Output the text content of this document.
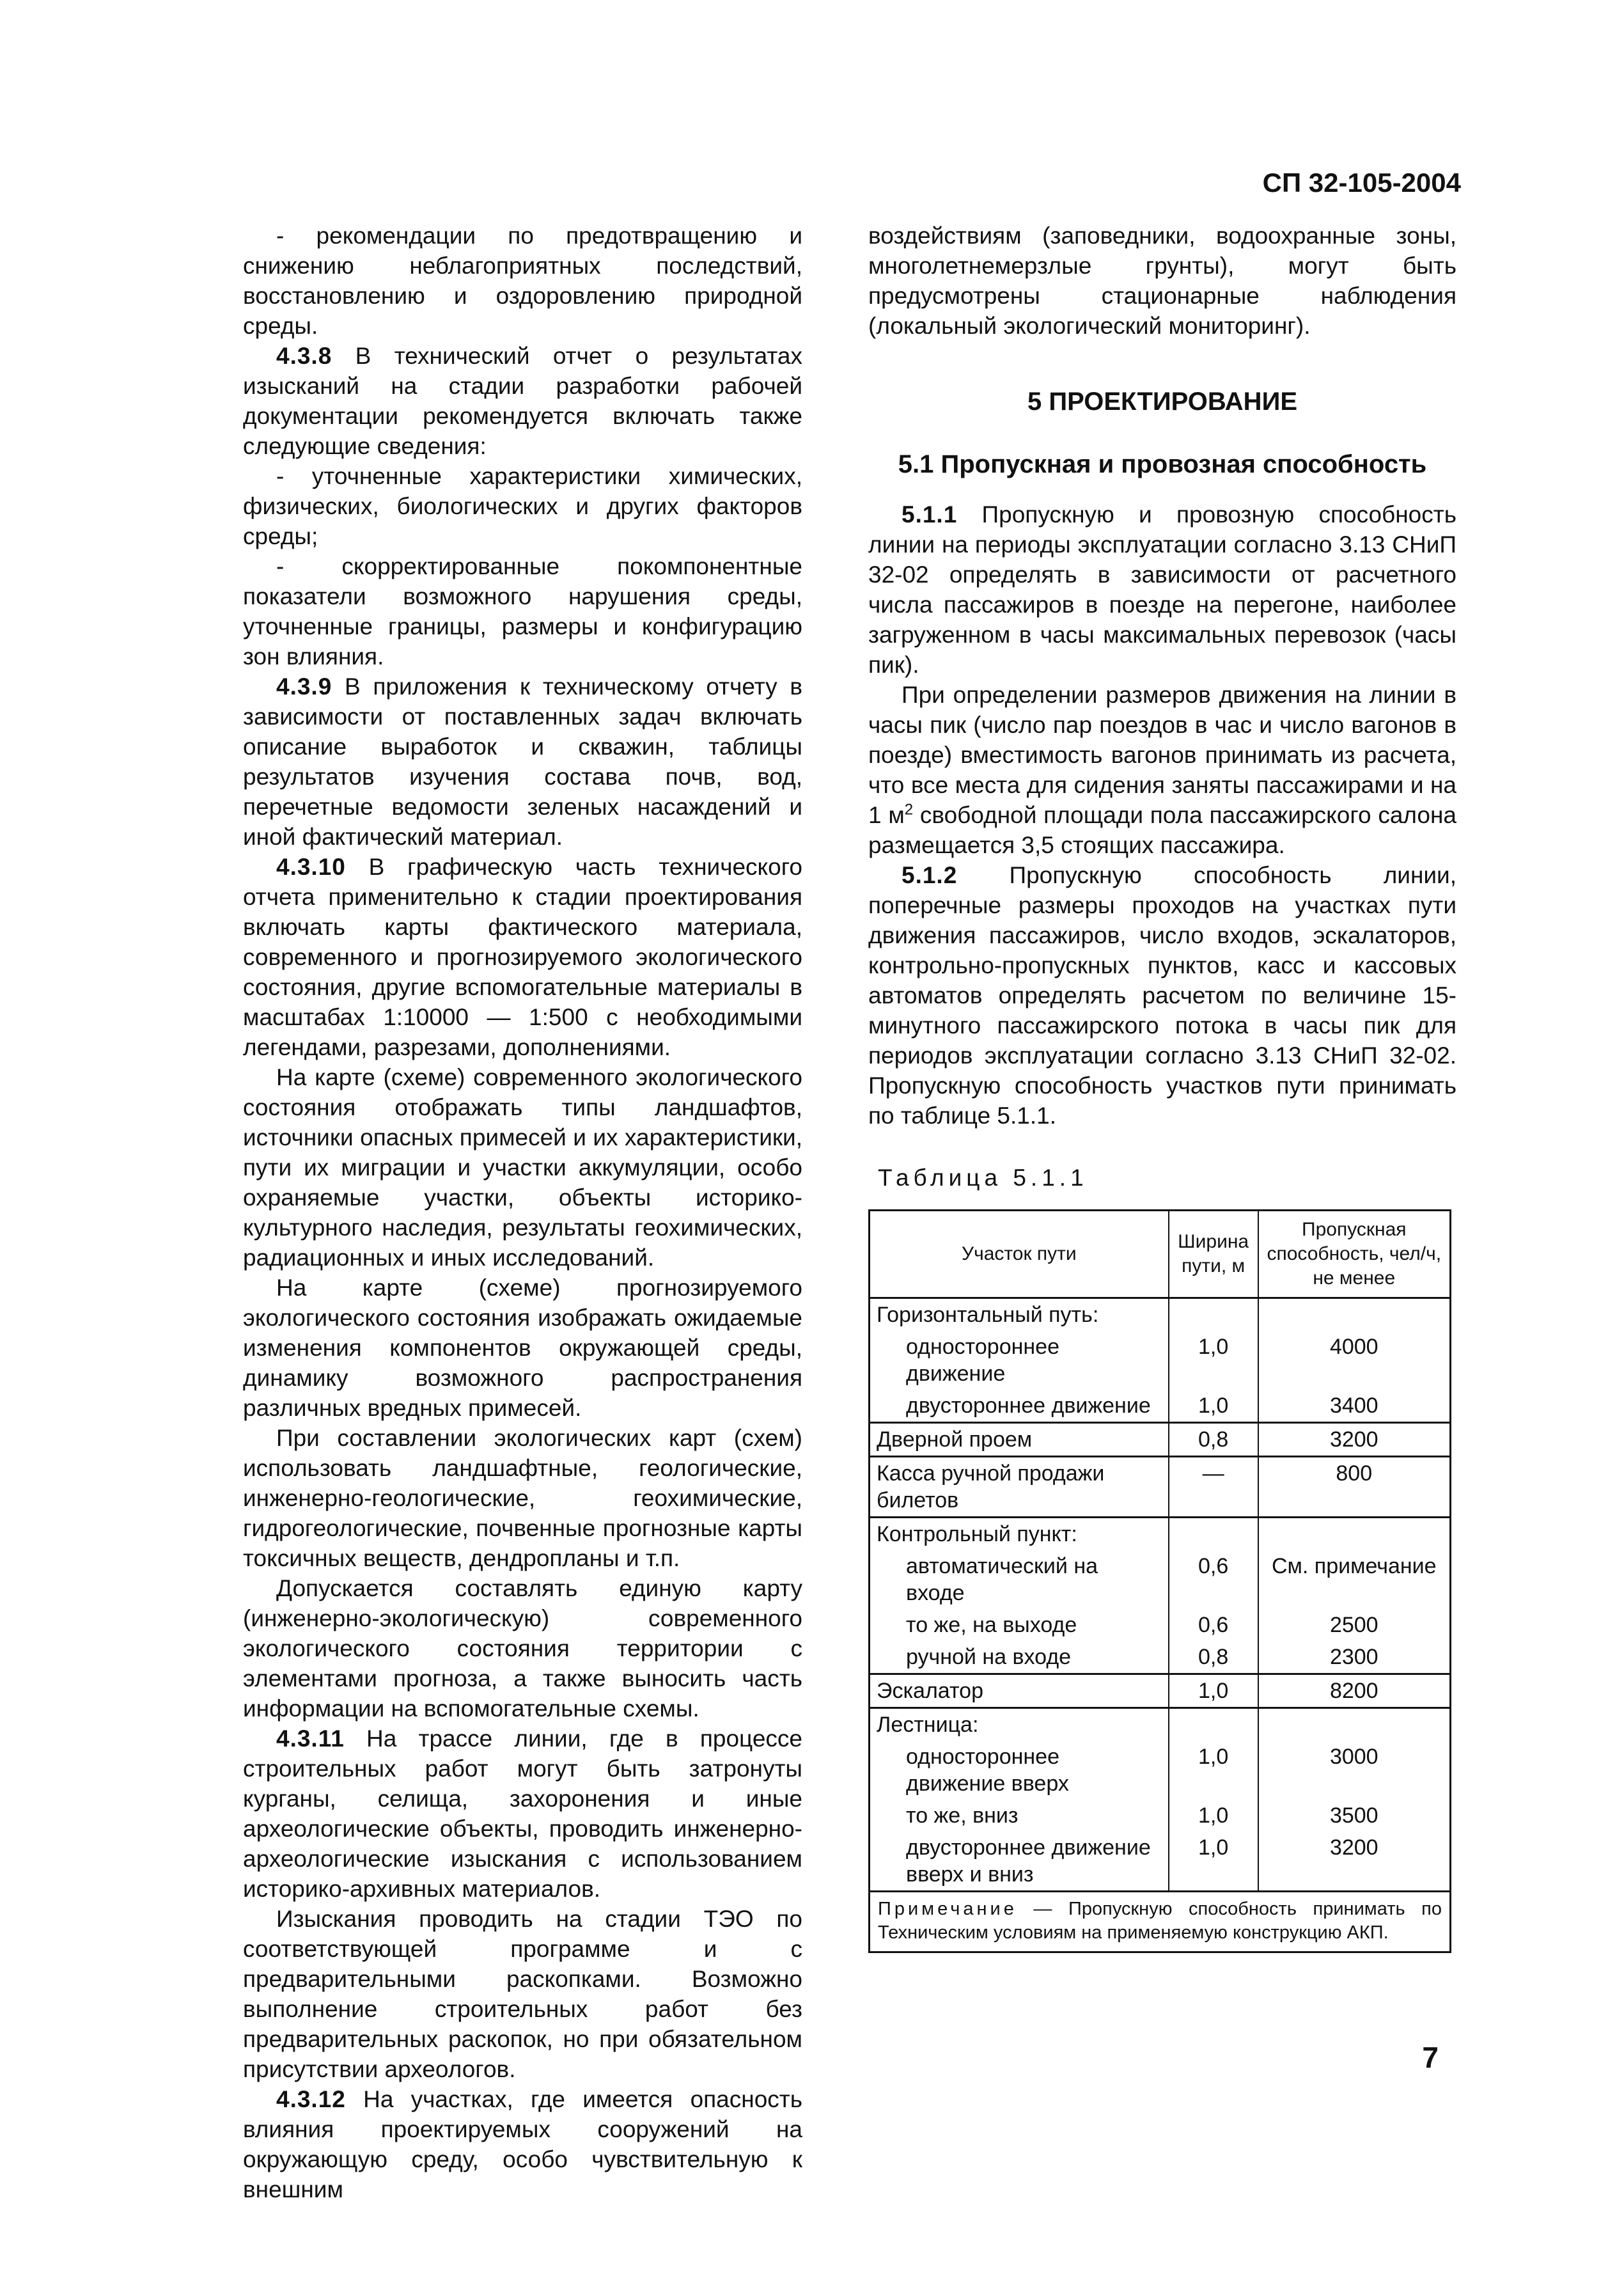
СП 32-105-2004

- рекомендации по предотвращению и снижению неблагоприятных последствий, восстановлению и оздоровлению природной среды.

4.3.8 В технический отчет о результатах изысканий на стадии разработки рабочей документации рекомендуется включать также следующие сведения:

- уточненные характеристики химических, физических, биологических и других факторов среды;

- скорректированные покомпонентные показатели возможного нарушения среды, уточненные границы, размеры и конфигурацию зон влияния.

4.3.9 В приложения к техническому отчету в зависимости от поставленных задач включать описание выработок и скважин, таблицы результатов изучения состава почв, вод, перечетные ведомости зеленых насаждений и иной фактический материал.

4.3.10 В графическую часть технического отчета применительно к стадии проектирования включать карты фактического материала, современного и прогнозируемого экологического состояния, другие вспомогательные материалы в масштабах 1:10000 — 1:500 с необходимыми легендами, разрезами, дополнениями.

На карте (схеме) современного экологического состояния отображать типы ландшафтов, источники опасных примесей и их характеристики, пути их миграции и участки аккумуляции, особо охраняемые участки, объекты историко-культурного наследия, результаты геохимических, радиационных и иных исследований.

На карте (схеме) прогнозируемого экологического состояния изображать ожидаемые изменения компонентов окружающей среды, динамику возможного распространения различных вредных примесей.

При составлении экологических карт (схем) использовать ландшафтные, геологические, инженерно-геологические, геохимические, гидрогеологические, почвенные прогнозные карты токсичных веществ, дендропланы и т.п.

Допускается составлять единую карту (инженерно-экологическую) современного экологического состояния территории с элементами прогноза, а также выносить часть информации на вспомогательные схемы.

4.3.11 На трассе линии, где в процессе строительных работ могут быть затронуты курганы, селища, захоронения и иные археологические объекты, проводить инженерно-археологические изыскания с использованием историко-архивных материалов.

Изыскания проводить на стадии ТЭО по соответствующей программе и с предварительными раскопками. Возможно выполнение строительных работ без предварительных раскопок, но при обязательном присутствии археологов.

4.3.12 На участках, где имеется опасность влияния проектируемых сооружений на окружающую среду, особо чувствительную к внешним

воздействиям (заповедники, водоохранные зоны, многолетнемерзлые грунты), могут быть предусмотрены стационарные наблюдения (локальный экологический мониторинг).

5 ПРОЕКТИРОВАНИЕ
5.1 Пропускная и провозная способность

5.1.1 Пропускную и провозную способность линии на периоды эксплуатации согласно 3.13 СНиП 32-02 определять в зависимости от расчетного числа пассажиров в поезде на перегоне, наиболее загруженном в часы максимальных перевозок (часы пик).

При определении размеров движения на линии в часы пик (число пар поездов в час и число вагонов в поезде) вместимость вагонов принимать из расчета, что все места для сидения заняты пассажирами и на 1 $м^2$ свободной площади пола пассажирского салона размещается 3,5 стоящих пассажира.

5.1.2 Пропускную способность линии, поперечные размеры проходов на участках пути движения пассажиров, число входов, эскалаторов, контрольно-пропускных пунктов, касс и кассовых автоматов определять расчетом по величине 15-минутного пассажирского потока в часы пик для периодов эксплуатации согласно 3.13 СНиП 32-02. Пропускную способность участков пути принимать по таблице 5.1.1.

Таблица 5.1.1
Участок пути	Ширина пути, м	Пропускная способность, чел/ч, не менее
Горизонтальный путь:		
одностороннее движение	1,0	4000
двустороннее движение	1,0	3400
Дверной проем	0,8	3200
Касса ручной продажи билетов	—	800
Контрольный пункт:		
автоматический на входе	0,6	См. примечание
то же, на выходе	0,6	2500
ручной на входе	0,8	2300
Эскалатор	1,0	8200
Лестница:		
одностороннее движение вверх	1,0	3000
то же, вниз	1,0	3500
двустороннее движение вверх и вниз	1,0	3200
Примечание — Пропускную способность принимать по Техническим условиям на применяемую конструкцию АКП.		
7
